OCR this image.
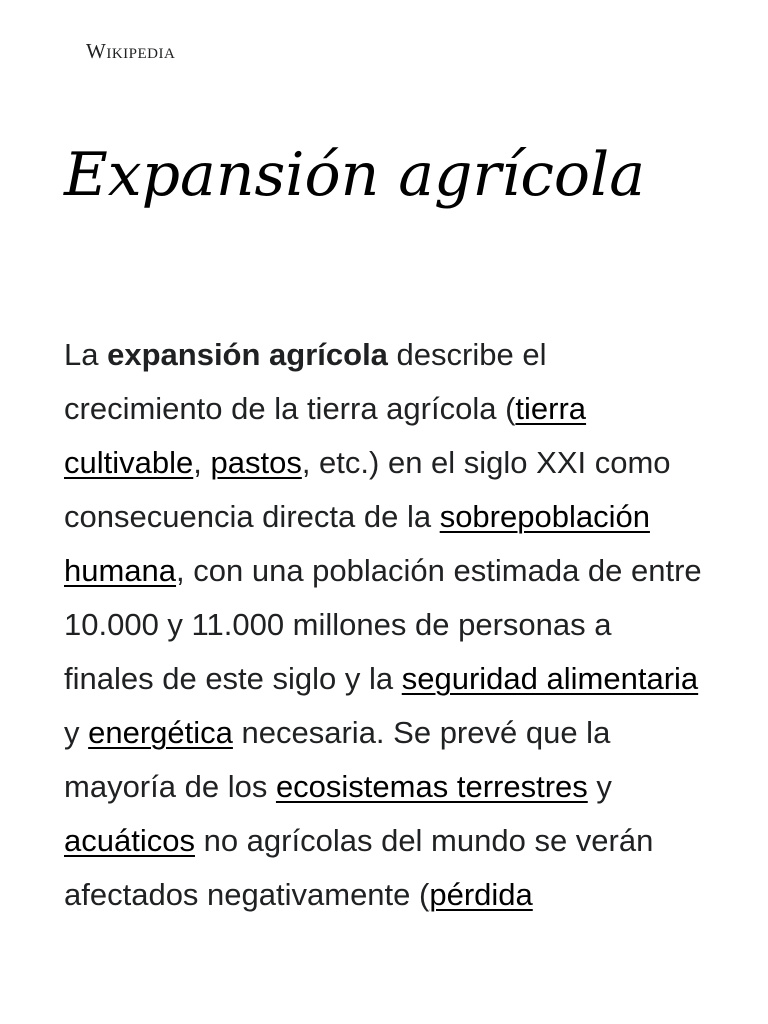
Wikipedia
Expansión agrícola

La expansión agrícola describe el crecimiento de la tierra agrícola (tierra cultivable, pastos, etc.) en el siglo XXI como consecuencia directa de la sobrepoblación humana, con una población estimada de entre 10.000 y 11.000 millones de personas a finales de este siglo y la seguridad alimentaria y energética necesaria. Se prevé que la mayoría de los ecosistemas terrestres y acuáticos no agrícolas del mundo se verán afectados negativamente (pérdida
